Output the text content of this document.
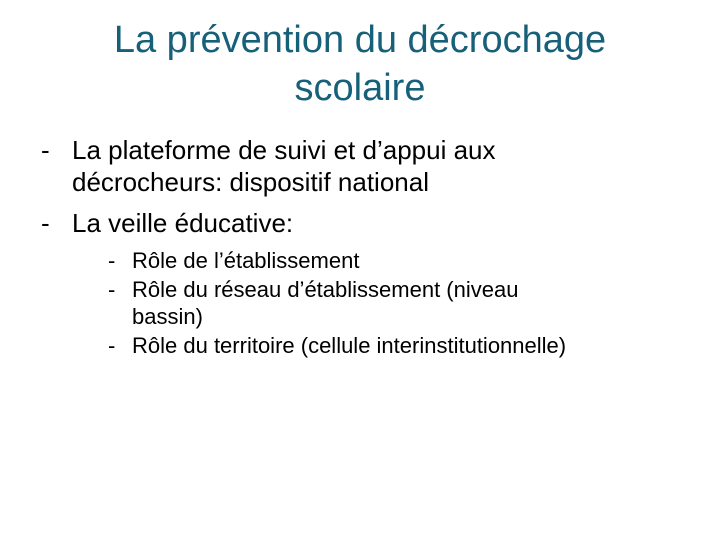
La prévention du décrochage
scolaire
- La plateforme de suivi et d’appui aux
décrocheurs: dispositif national
- La veille éducative:
- Rôle de l’établissement
- Rôle du réseau d’établissement (niveau
bassin)
- Rôle du territoire (cellule interinstitutionnelle)
